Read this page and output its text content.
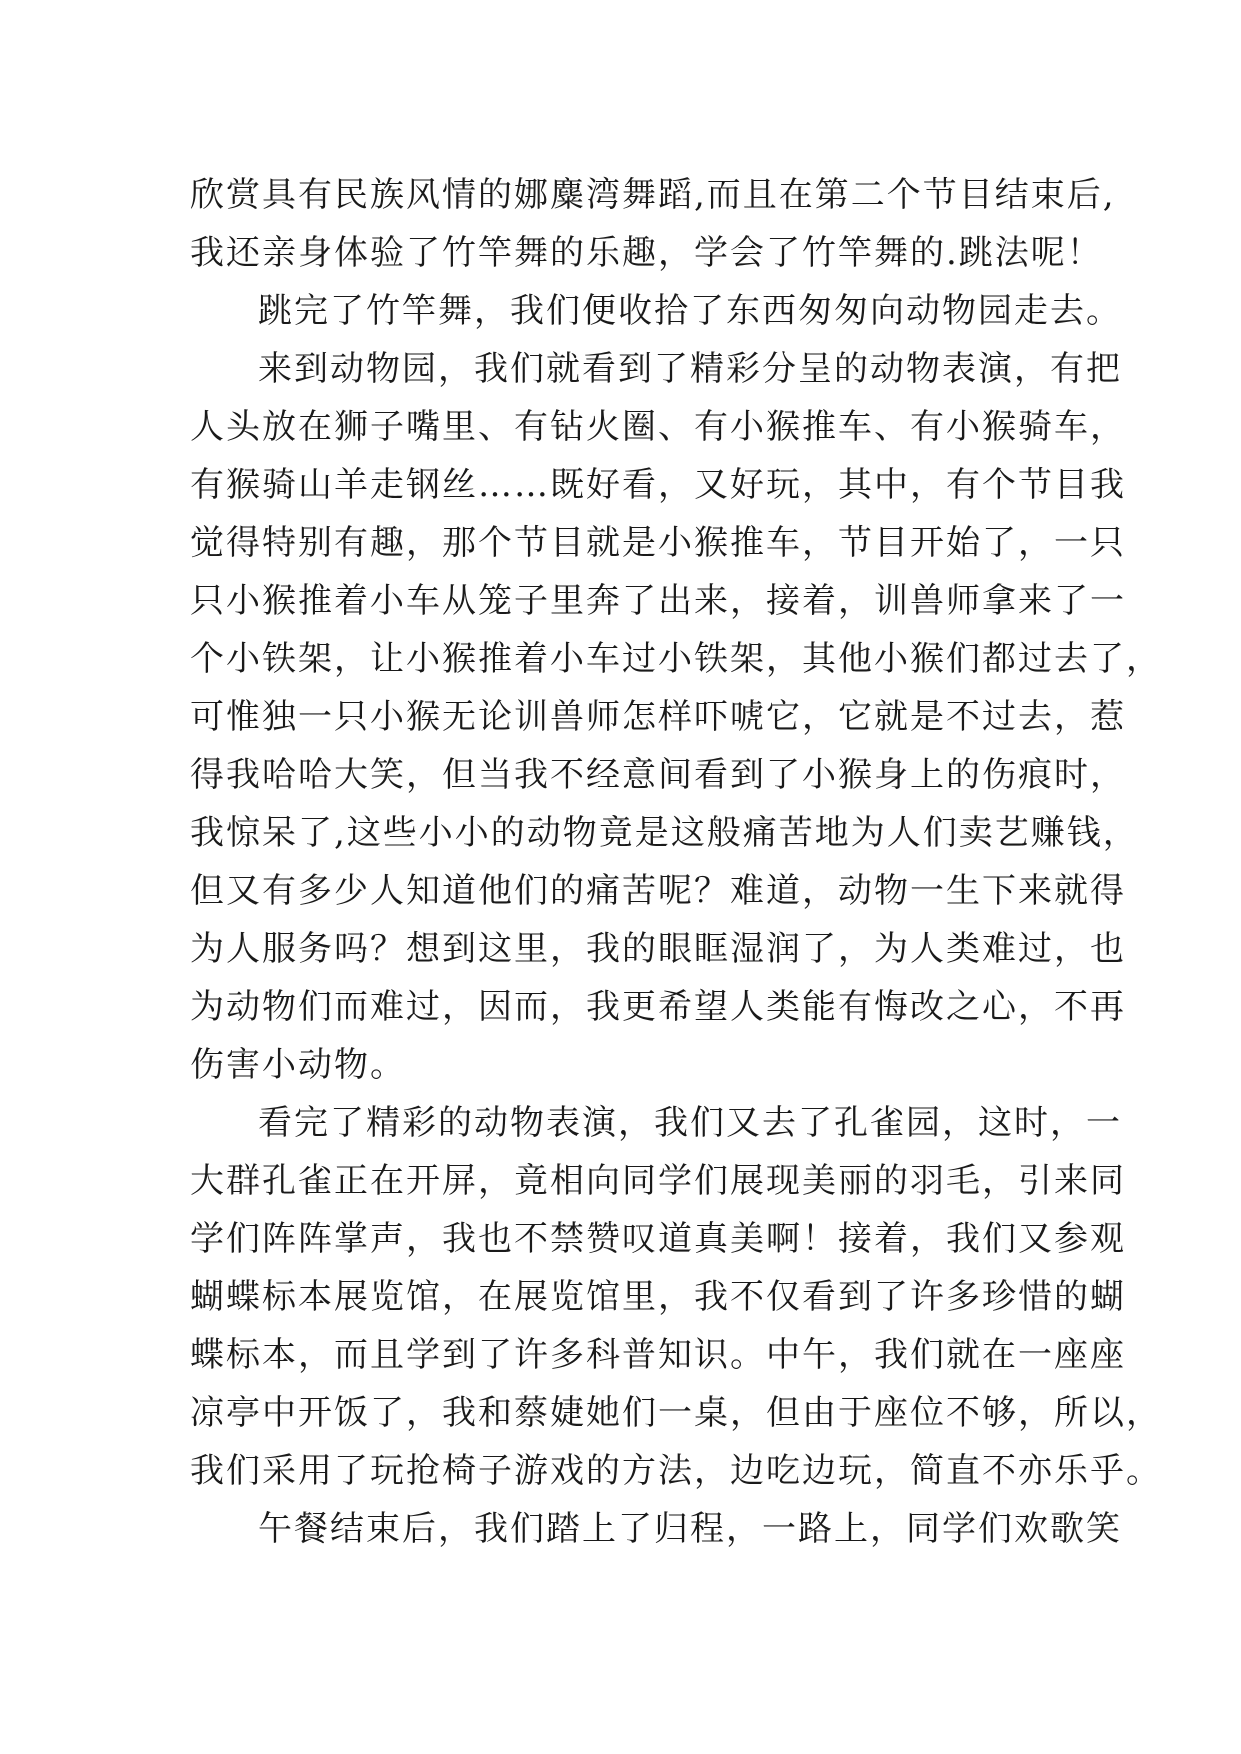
欣赏具有民族风情的娜麋湾舞蹈,而且在第二个节目结束后,
我还亲身体验了竹竿舞的乐趣，学会了竹竿舞的.跳法呢！
跳完了竹竿舞，我们便收拾了东西匆匆向动物园走去。
来到动物园，我们就看到了精彩分呈的动物表演，有把
人头放在狮子嘴里、有钻火圈、有小猴推车、有小猴骑车，
有猴骑山羊走钢丝……既好看，又好玩，其中，有个节目我
觉得特别有趣，那个节目就是小猴推车，节目开始了，一只
只小猴推着小车从笼子里奔了出来，接着，训兽师拿来了一
个小铁架，让小猴推着小车过小铁架，其他小猴们都过去了，
可惟独一只小猴无论训兽师怎样吓唬它，它就是不过去，惹
得我哈哈大笑，但当我不经意间看到了小猴身上的伤痕时，
我惊呆了,这些小小的动物竟是这般痛苦地为人们卖艺赚钱，
但又有多少人知道他们的痛苦呢？难道，动物一生下来就得
为人服务吗？想到这里，我的眼眶湿润了，为人类难过，也
为动物们而难过，因而，我更希望人类能有悔改之心，不再
伤害小动物。
看完了精彩的动物表演，我们又去了孔雀园，这时，一
大群孔雀正在开屏，竟相向同学们展现美丽的羽毛，引来同
学们阵阵掌声，我也不禁赞叹道真美啊！接着，我们又参观
蝴蝶标本展览馆，在展览馆里，我不仅看到了许多珍惜的蝴
蝶标本，而且学到了许多科普知识。中午，我们就在一座座
凉亭中开饭了，我和蔡婕她们一桌，但由于座位不够，所以，
我们采用了玩抢椅子游戏的方法，边吃边玩，简直不亦乐乎。
午餐结束后，我们踏上了归程，一路上，同学们欢歌笑
